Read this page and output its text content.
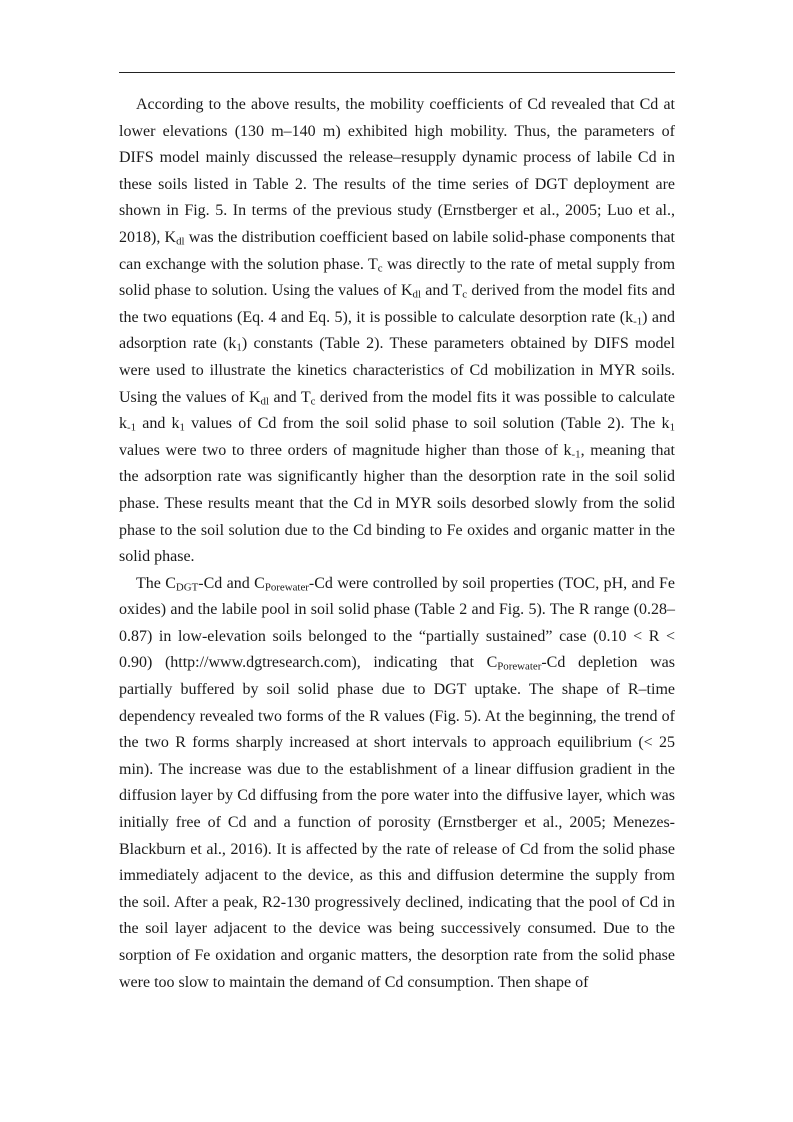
According to the above results, the mobility coefficients of Cd revealed that Cd at lower elevations (130 m–140 m) exhibited high mobility. Thus, the parameters of DIFS model mainly discussed the release–resupply dynamic process of labile Cd in these soils listed in Table 2. The results of the time series of DGT deployment are shown in Fig. 5. In terms of the previous study (Ernstberger et al., 2005; Luo et al., 2018), $K_{dl}$ was the distribution coefficient based on labile solid-phase components that can exchange with the solution phase. $T_c$ was directly to the rate of metal supply from solid phase to solution. Using the values of $K_{dl}$ and $T_c$ derived from the model fits and the two equations (Eq. 4 and Eq. 5), it is possible to calculate desorption rate $(k_{-1})$ and adsorption rate $(k_1)$ constants (Table 2). These parameters obtained by DIFS model were used to illustrate the kinetics characteristics of Cd mobilization in MYR soils. Using the values of $K_{dl}$ and $T_c$ derived from the model fits it was possible to calculate $k_{-1}$ and $k_1$ values of Cd from the soil solid phase to soil solution (Table 2). The $k_1$ values were two to three orders of magnitude higher than those of $k_{-1}$, meaning that the adsorption rate was significantly higher than the desorption rate in the soil solid phase. These results meant that the Cd in MYR soils desorbed slowly from the solid phase to the soil solution due to the Cd binding to Fe oxides and organic matter in the solid phase.

The $C_{DGT}-Cd$ and $C_{Porewater}-Cd$ were controlled by soil properties (TOC, pH, and Fe oxides) and the labile pool in soil solid phase (Table 2 and Fig. 5). The R range (0.28–0.87) in low-elevation soils belonged to the “partially sustained” case (0.10 < R < 0.90) (http://www.dgtresearch.com), indicating that $C_{Porewater}-Cd$ depletion was partially buffered by soil solid phase due to DGT uptake. The shape of R–time dependency revealed two forms of the R values (Fig. 5). At the beginning, the trend of the two R forms sharply increased at short intervals to approach equilibrium (< 25 min). The increase was due to the establishment of a linear diffusion gradient in the diffusion layer by Cd diffusing from the pore water into the diffusive layer, which was initially free of Cd and a function of porosity (Ernstberger et al., 2005; Menezes-Blackburn et al., 2016). It is affected by the rate of release of Cd from the solid phase immediately adjacent to the device, as this and diffusion determine the supply from the soil. After a peak, R2-130 progressively declined, indicating that the pool of Cd in the soil layer adjacent to the device was being successively consumed. Due to the sorption of Fe oxidation and organic matters, the desorption rate from the solid phase were too slow to maintain the demand of Cd consumption. Then shape of
